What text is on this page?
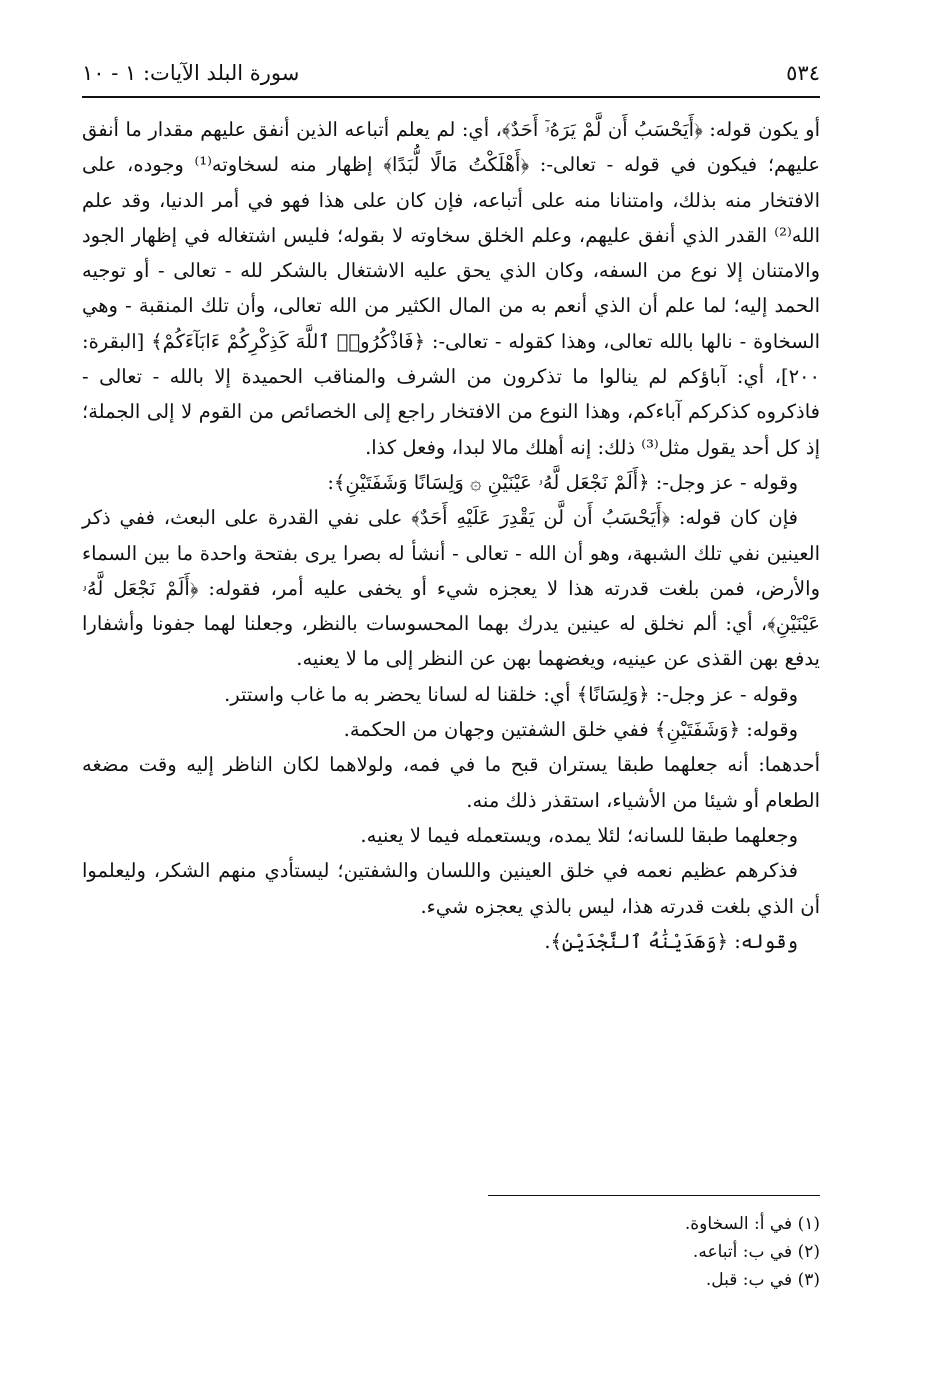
٥٣٤
سورة البلد الآيات: ١ - ١٠

أو يكون قوله: ﴿أَيَحْسَبُ أَن لَّمْ يَرَهُۥٓ أَحَدٌ﴾، أي: لم يعلم أتباعه الذين أنفق عليهم مقدار ما أنفق عليهم؛ فيكون في قوله - تعالى-: ﴿أَهْلَكْتُ مَالًا لُّبَدًا﴾ إظهار منه لسخاوته⁽¹⁾ وجوده، على الافتخار منه بذلك، وامتنانا منه على أتباعه، فإن كان على هذا فهو في أمر الدنيا، وقد علم الله⁽²⁾ القدر الذي أنفق عليهم، وعلم الخلق سخاوته لا بقوله؛ فليس اشتغاله في إظهار الجود والامتنان إلا نوع من السفه، وكان الذي يحق عليه الاشتغال بالشكر لله - تعالى - أو توجيه الحمد إليه؛ لما علم أن الذي أنعم به من المال الكثير من الله تعالى، وأن تلك المنقبة - وهي السخاوة - نالها بالله تعالى، وهذا كقوله - تعالى-: ﴿فَاذْكُرُوا۟ ٱللَّهَ كَذِكْرِكُمْ ءَابَآءَكُمْ﴾ [البقرة: ٢٠٠]، أي: آباؤكم لم ينالوا ما تذكرون من الشرف والمناقب الحميدة إلا بالله - تعالى - فاذكروه كذكركم آباءكم، وهذا النوع من الافتخار راجع إلى الخصائص من القوم لا إلى الجملة؛ إذ كل أحد يقول مثل⁽³⁾ ذلك: إنه أهلك مالا لبدا، وفعل كذا.

وقوله - عز وجل-: ﴿أَلَمْ نَجْعَل لَّهُۥ عَيْنَيْنِ ۞ وَلِسَانًا وَشَفَتَيْنِ﴾:

فإن كان قوله: ﴿أَيَحْسَبُ أَن لَّن يَقْدِرَ عَلَيْهِ أَحَدٌ﴾ على نفي القدرة على البعث، ففي ذكر العينين نفي تلك الشبهة، وهو أن الله - تعالى - أنشأ له بصرا يرى بفتحة واحدة ما بين السماء والأرض، فمن بلغت قدرته هذا لا يعجزه شيء أو يخفى عليه أمر، فقوله: ﴿أَلَمْ نَجْعَل لَّهُۥ عَيْنَيْنِ﴾، أي: ألم نخلق له عينين يدرك بهما المحسوسات بالنظر، وجعلنا لهما جفونا وأشفارا يدفع بهن القذى عن عينيه، ويغضهما بهن عن النظر إلى ما لا يعنيه.

وقوله - عز وجل-: ﴿وَلِسَانًا﴾ أي: خلقنا له لسانا يحضر به ما غاب واستتر.

وقوله: ﴿وَشَفَتَيْنِ﴾ ففي خلق الشفتين وجهان من الحكمة.

أحدهما: أنه جعلهما طبقا يستران قبح ما في فمه، ولولاهما لكان الناظر إليه وقت مضغه الطعام أو شيئا من الأشياء، استقذر ذلك منه.

وجعلهما طبقا للسانه؛ لئلا يمده، ويستعمله فيما لا يعنيه.

فذكرهم عظيم نعمه في خلق العينين واللسان والشفتين؛ ليستأدي منهم الشكر، وليعلموا أن الذي بلغت قدرته هذا، ليس بالذي يعجزه شيء.

وقوله: ﴿وَهَدَيْنَٰهُ ٱلنَّجْدَيْنِ﴾.

(١) في أ: السخاوة.
(٢) في ب: أتباعه.
(٣) في ب: قبل.
